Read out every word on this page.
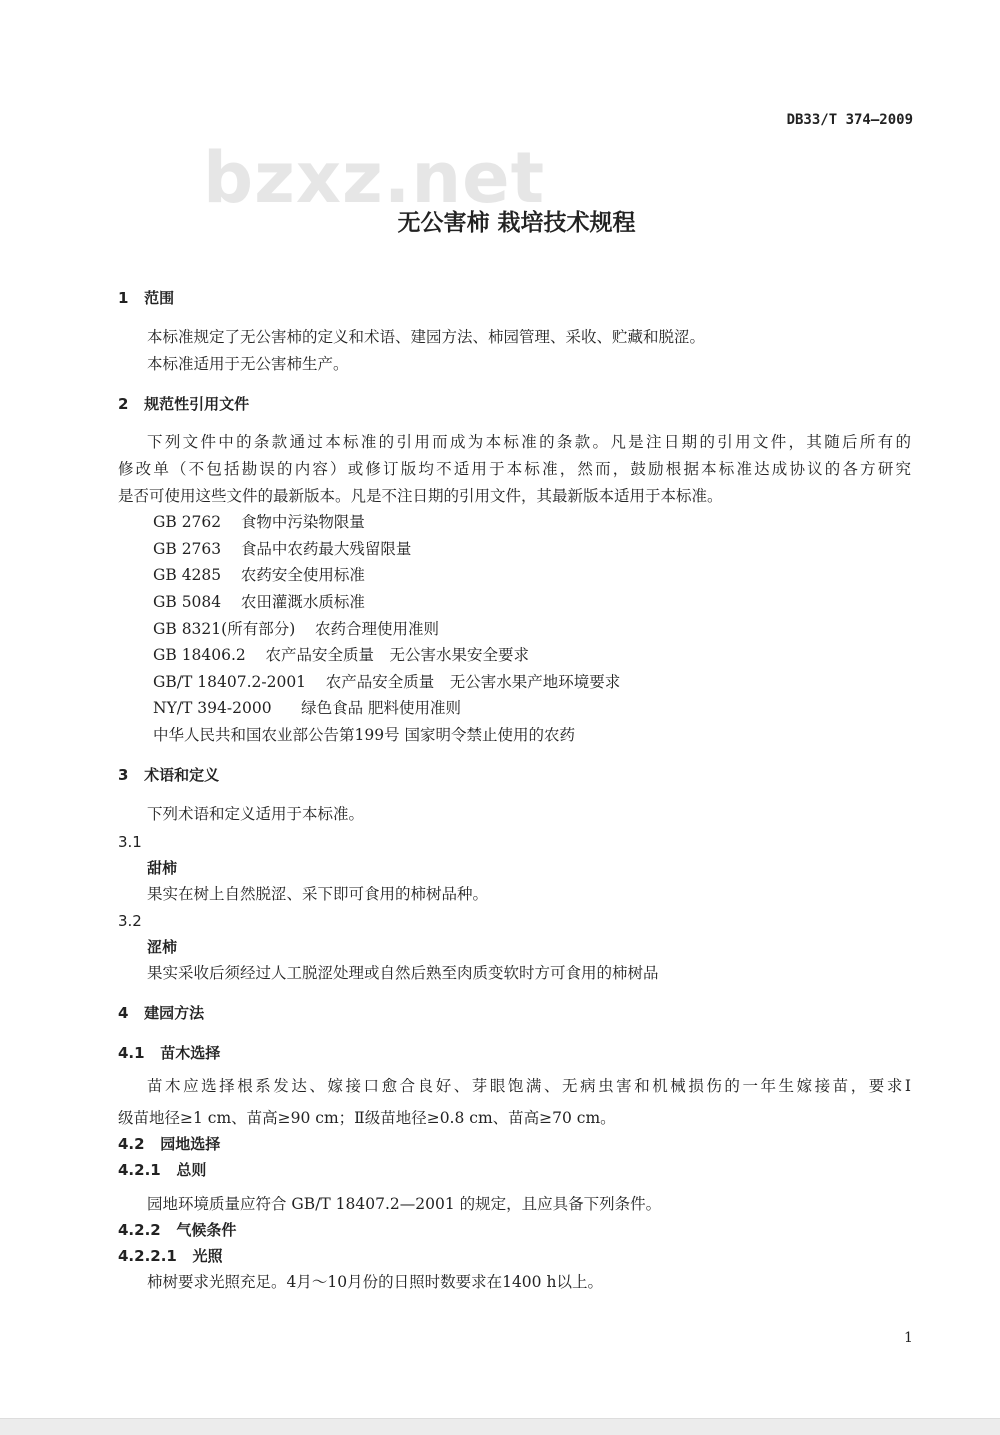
bzxz.net
DB33/T 374—2009
无公害柿 栽培技术规程
1 范围
本标准规定了无公害柿的定义和术语、建园方法、柿园管理、采收、贮藏和脱涩。
本标准适用于无公害柿生产。
2 规范性引用文件
下列文件中的条款通过本标准的引用而成为本标准的条款。凡是注日期的引用文件，其随后所有的
修改单（不包括勘误的内容）或修订版均不适用于本标准，然而，鼓励根据本标准达成协议的各方研究
是否可使用这些文件的最新版本。凡是不注日期的引用文件，其最新版本适用于本标准。
GB 2762 食物中污染物限量
GB 2763 食品中农药最大残留限量
GB 4285 农药安全使用标准
GB 5084 农田灌溉水质标准
GB 8321(所有部分) 农药合理使用准则
GB 18406.2 农产品安全质量　无公害水果安全要求
GB/T 18407.2-2001 农产品安全质量　无公害水果产地环境要求
NY/T 394-2000 绿色食品 肥料使用准则
中华人民共和国农业部公告第199号 国家明令禁止使用的农药
3 术语和定义
下列术语和定义适用于本标准。
3.1
甜柿
果实在树上自然脱涩、采下即可食用的柿树品种。
3.2
涩柿
果实采收后须经过人工脱涩处理或自然后熟至肉质变软时方可食用的柿树品
4 建园方法
4.1 苗木选择
苗木应选择根系发达、嫁接口愈合良好、芽眼饱满、无病虫害和机械损伤的一年生嫁接苗，要求Ⅰ
级苗地径≥1 cm、苗高≥90 cm；Ⅱ级苗地径≥0.8 cm、苗高≥70 cm。
4.2 园地选择
4.2.1 总则
园地环境质量应符合 GB/T 18407.2—2001 的规定，且应具备下列条件。
4.2.2 气候条件
4.2.2.1 光照
柿树要求光照充足。4月～10月份的日照时数要求在1400 h以上。
1
